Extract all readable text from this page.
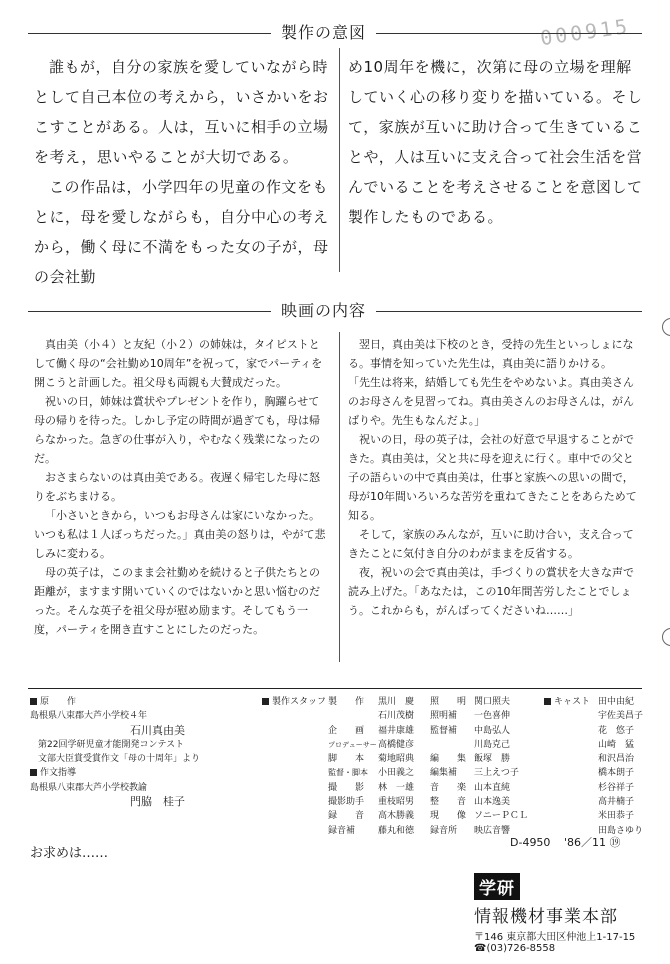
000915
製作の意図

誰もが，自分の家族を愛していながら時として自己本位の考えから，いさかいをおこすことがある。人は，互いに相手の立場を考え，思いやることが大切である。

この作品は，小学四年の児童の作文をもとに，母を愛しながらも，自分中心の考えから，働く母に不満をもった女の子が，母の会社勤

め10周年を機に，次第に母の立場を理解していく心の移り変りを描いている。そして，家族が互いに助け合って生きていることや，人は互いに支え合って社会生活を営んでいることを考えさせることを意図して製作したものである。

映画の内容

真由美（小４）と友紀（小２）の姉妹は，タイピストとして働く母の“会社勤め10周年”を祝って，家でパーティを開こうと計画した。祖父母も両親も大賛成だった。

祝いの日，姉妹は賞状やプレゼントを作り，胸躍らせて母の帰りを待った。しかし予定の時間が過ぎても，母は帰らなかった。急ぎの仕事が入り，やむなく残業になったのだ。

おさまらないのは真由美である。夜遅く帰宅した母に怒りをぶちまける。

「小さいときから，いつもお母さんは家にいなかった。いつも私は１人ぼっちだった。」真由美の怒りは，やがて悲しみに変わる。

母の英子は，このまま会社勤めを続けると子供たちとの距離が，ますます開いていくのではないかと思い悩むのだった。そんな英子を祖父母が慰め励ます。そしてもう一度，パーティを開き直すことにしたのだった。

翌日，真由美は下校のとき，受持の先生といっしょになる。事情を知っていた先生は，真由美に語りかける。

「先生は将来，結婚しても先生をやめないよ。真由美さんのお母さんを見習ってね。真由美さんのお母さんは，がんばりや。先生もなんだよ。」

祝いの日，母の英子は，会社の好意で早退することができた。真由美は，父と共に母を迎えに行く。車中での父と子の語らいの中で真由美は，仕事と家族への思いの間で，母が10年間いろいろな苦労を重ねてきたことをあらためて知る。

そして，家族のみんなが，互いに助け合い，支え合ってきたことに気付き自分のわがままを反省する。

夜，祝いの会で真由美は，手づくりの賞状を大きな声で読み上げた。「あなたは，この10年間苦労したことでしょう。これからも，がんばってくださいね……」

原　　作
島根県八束郡大芦小学校４年
石川真由美
第22回学研児童才能開発コンテスト
文部大臣賞受賞作文「母の十周年」より
作文指導
島根県八束郡大芦小学校教諭
門脇　桂子
製作スタッフ 製　　作 黒川　慶
石川茂樹
企　　画 福井康雄
プロデューサー高橋健彦
脚　　本 菊地昭典
監督・脚本 小田義之
撮　　影 林　一雄
撮影助手 重枝昭男
録　　音 高木勝義
録音補	藤丸和徳
照　　明 関口照夫
照明補 一色喜伸
監督補 中島弘人
川島克己
編　　集 飯塚　勝
編集補 三上えつ子
音　　楽 山本直純
整　　音 山本逸美
現　　像 ソニーＰＣＬ
録音所 映広音響
キャスト 田中由紀
宇佐美昌子
花　悠子
山崎　猛
和沢昌治
橋本朗子
杉谷祥子
高井楠子
米田恭子
田島さゆり
お求めは……
D-4950 '86／11 ⑲
学研
情報機材事業本部
〒146 東京都大田区仲池上1-17-15
☎(03)726-8558
